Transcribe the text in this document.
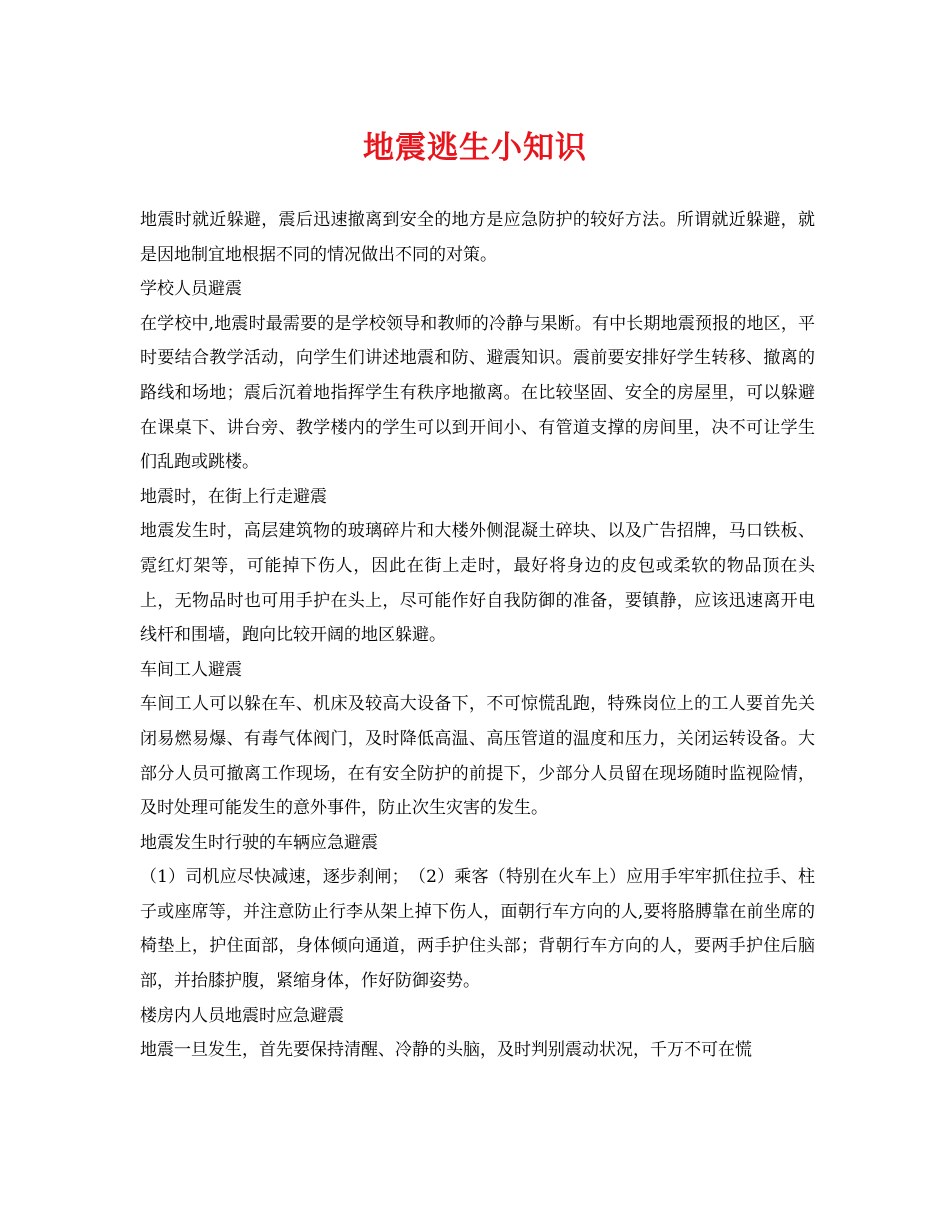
地震逃生小知识

地震时就近躲避，震后迅速撤离到安全的地方是应急防护的较好方法。所谓就近躲避，就是因地制宜地根据不同的情况做出不同的对策。

学校人员避震

在学校中,地震时最需要的是学校领导和教师的冷静与果断。有中长期地震预报的地区，平时要结合教学活动，向学生们讲述地震和防、避震知识。震前要安排好学生转移、撤离的路线和场地；震后沉着地指挥学生有秩序地撤离。在比较坚固、安全的房屋里，可以躲避在课桌下、讲台旁、教学楼内的学生可以到开间小、有管道支撑的房间里，决不可让学生们乱跑或跳楼。

地震时，在街上行走避震

地震发生时，高层建筑物的玻璃碎片和大楼外侧混凝土碎块、以及广告招牌，马口铁板、霓红灯架等，可能掉下伤人，因此在街上走时，最好将身边的皮包或柔软的物品顶在头上，无物品时也可用手护在头上，尽可能作好自我防御的准备，要镇静，应该迅速离开电线杆和围墙，跑向比较开阔的地区躲避。

车间工人避震

车间工人可以躲在车、机床及较高大设备下，不可惊慌乱跑，特殊岗位上的工人要首先关闭易燃易爆、有毒气体阀门，及时降低高温、高压管道的温度和压力，关闭运转设备。大部分人员可撤离工作现场，在有安全防护的前提下，少部分人员留在现场随时监视险情，及时处理可能发生的意外事件，防止次生灾害的发生。

地震发生时行驶的车辆应急避震

（1）司机应尽快减速，逐步刹闸；　（2）乘客（特别在火车上）应用手牢牢抓住拉手、柱子或座席等，并注意防止行李从架上掉下伤人，面朝行车方向的人,要将胳膊靠在前坐席的椅垫上，护住面部，身体倾向通道，两手护住头部；背朝行车方向的人，要两手护住后脑部，并抬膝护腹，紧缩身体，作好防御姿势。

楼房内人员地震时应急避震

地震一旦发生，首先要保持清醒、冷静的头脑，及时判别震动状况，千万不可在慌
